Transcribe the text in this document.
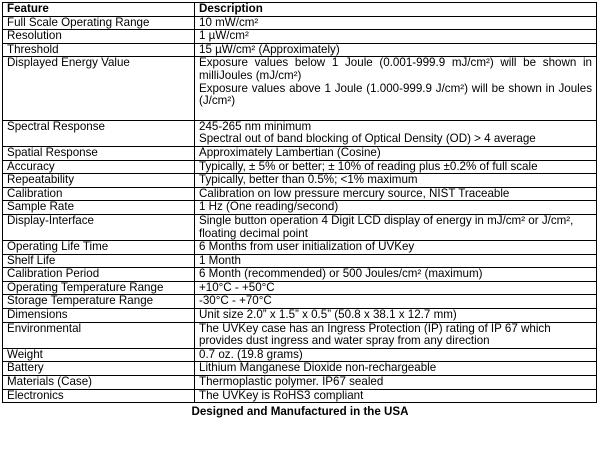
Feature	Description
Full Scale Operating Range	10 mW/cm²

Resolution	1 µW/cm²

Threshold	15 µW/cm² (Approximately)

Displayed Energy Value	Exposure values below 1 Joule (0.001-999.9 mJ/cm²) will be shown in milliJoules (mJ/cm²)
Exposure values above 1 Joule (1.000-999.9 J/cm²) will be shown in Joules (J/cm²)

Spectral Response	245-265 nm minimum
Spectral out of band blocking of Optical Density (OD) > 4 average

Spatial Response	Approximately Lambertian (Cosine)

Accuracy	Typically, ± 5% or better; ± 10% of reading plus ±0.2% of full scale

Repeatability	Typically, better than 0.5%; <1% maximum

Calibration	Calibration on low pressure mercury source, NIST Traceable

Sample Rate	1 Hz (One reading/second)

Display-Interface	Single button operation 4 Digit LCD display of energy in mJ/cm² or J/cm², floating decimal point

Operating Life Time	6 Months from user initialization of UVKey

Shelf Life	1 Month

Calibration Period	6 Month (recommended) or 500 Joules/cm² (maximum)

Operating Temperature Range	+10°C - +50°C

Storage Temperature Range	-30°C - +70°C

Dimensions	Unit size 2.0” x 1.5” x 0.5” (50.8 x 38.1 x 12.7 mm)

Environmental	The UVKey case has an Ingress Protection (IP) rating of IP 67 which provides dust ingress and water spray from any direction

Weight	0.7 oz. (19.8 grams)

Battery	Lithium Manganese Dioxide non-rechargeable

Materials (Case)	Thermoplastic polymer. IP67 sealed

Electronics	The UVKey is RoHS3 compliant
Designed and Manufactured in the USA
